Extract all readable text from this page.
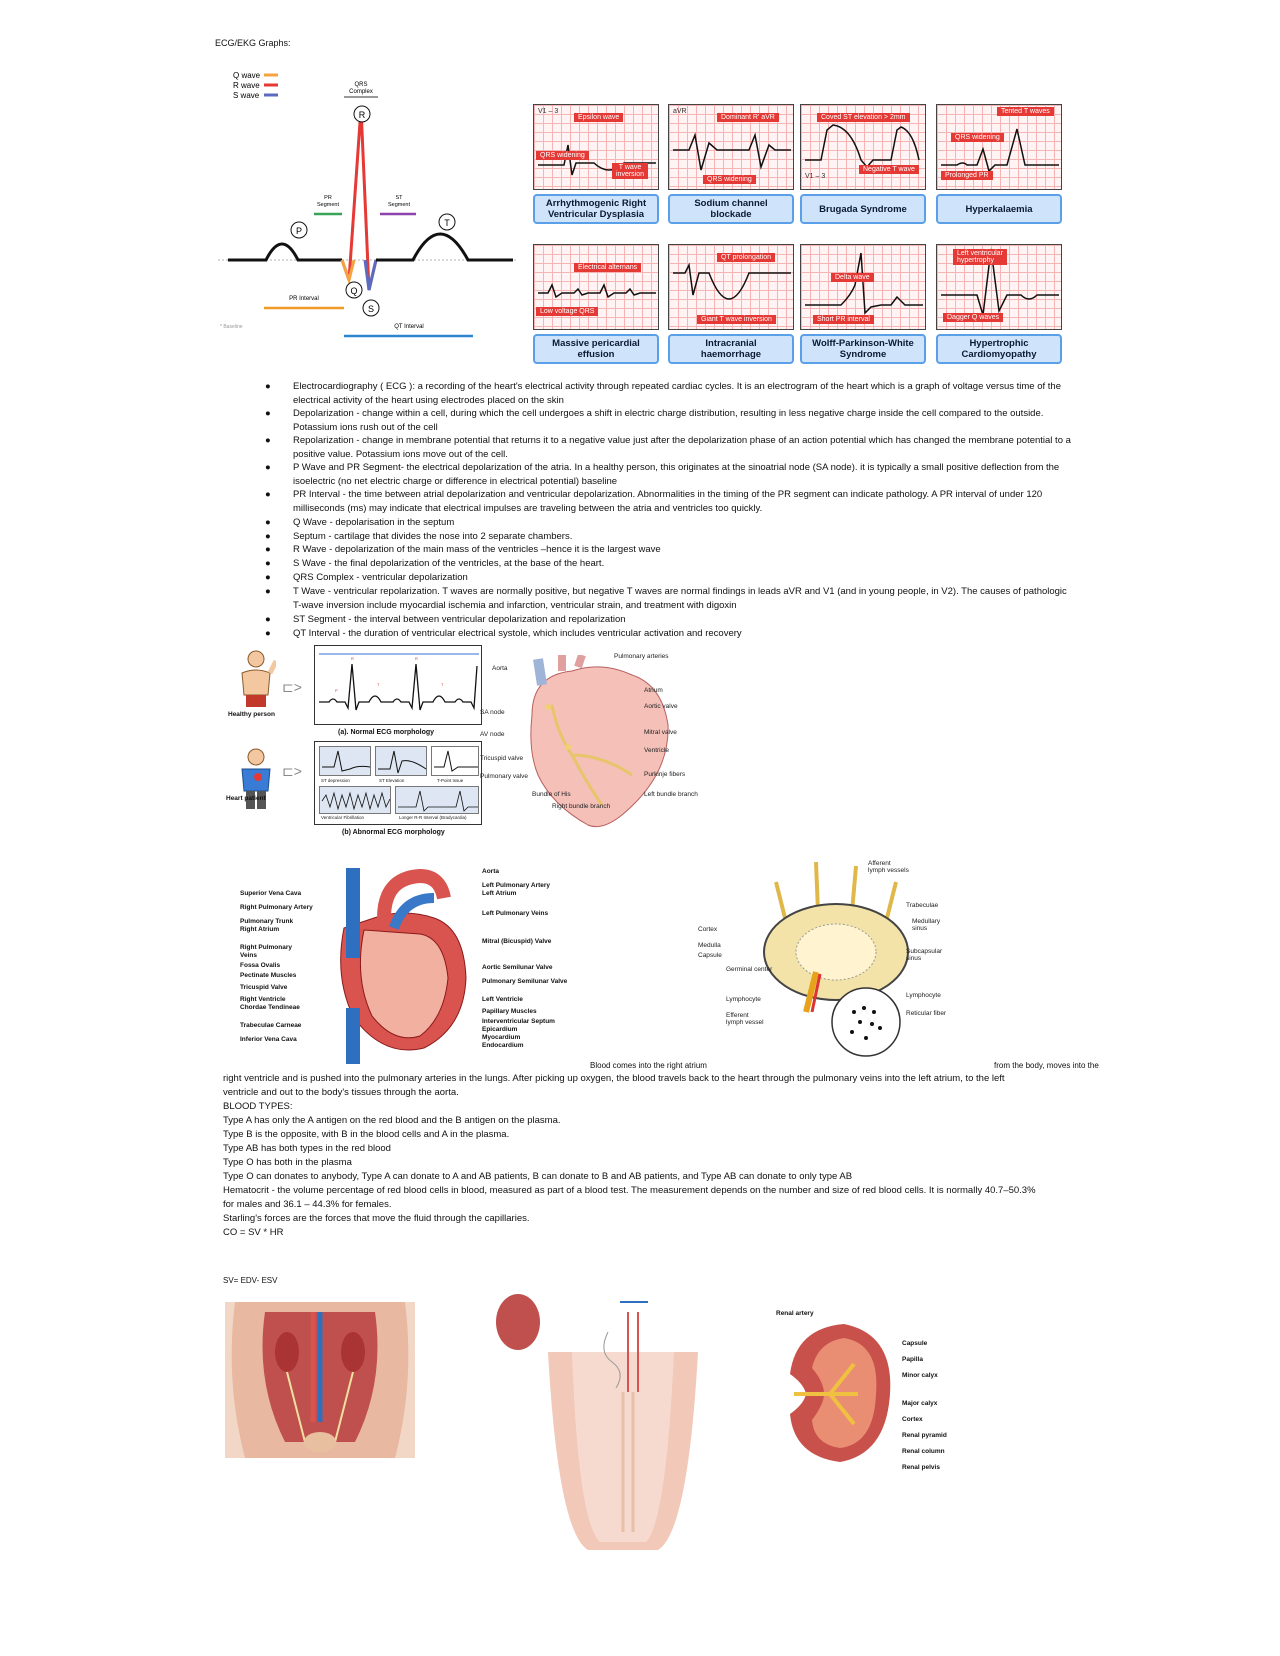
ECG/EKG Graphs:
Q wave
R wave
S wave
QRS
Complex
P
R
Q
S
T
PR
Segment
ST
Segment
PR Interval
QT Interval
* Baseline
V1 – 3
Epsilon wave
QRS widening
T wave
inversion
Arrhythmogenic Right
Ventricular Dysplasia
aVR
Dominant R' aVR
QRS widening
Sodium channel
blockade
V1 – 3
Coved ST elevation > 2mm
Negative T wave
Brugada Syndrome
Tented T waves
QRS widening
Prolonged PR
Hyperkalaemia
Electrical alternans
Low voltage QRS
Massive pericardial
effusion
QT prolongation
Giant T wave inversion
Intracranial
haemorrhage
Delta wave
Short PR interval
Wolff-Parkinson-White
Syndrome
Left ventricular
hypertrophy
Dagger Q waves
Hypertrophic
Cardiomyopathy
● Electrocardiography ( ECG ): a recording of the heart's electrical activity through repeated cardiac cycles. It is an electrogram of the heart which is a graph of voltage versus time of the electrical activity of the heart using electrodes placed on the skin
● Depolarization - change within a cell, during which the cell undergoes a shift in electric charge distribution, resulting in less negative charge inside the cell compared to the outside. Potassium ions rush out of the cell
● Repolarization - change in membrane potential that returns it to a negative value just after the depolarization phase of an action potential which has changed the membrane potential to a positive value. Potassium ions move out of the cell.
● P Wave and PR Segment- the electrical depolarization of the atria. In a healthy person, this originates at the sinoatrial node (SA node). it is typically a small positive deflection from the isoelectric (no net electric charge or difference in electrical potential) baseline
● PR Interval - the time between atrial depolarization and ventricular depolarization. Abnormalities in the timing of the PR segment can indicate pathology. A PR interval of under 120 milliseconds (ms) may indicate that electrical impulses are traveling between the atria and ventricles too quickly.
● Q Wave - depolarisation in the septum
● Septum - cartilage that divides the nose into 2 separate chambers.
● R Wave - depolarization of the main mass of the ventricles –hence it is the largest wave
● S Wave - the final depolarization of the ventricles, at the base of the heart.
● QRS Complex - ventricular depolarization
● T Wave - ventricular repolarization. T waves are normally positive, but negative T waves are normal findings in leads aVR and V1 (and in young people, in V2). The causes of pathologic T-wave inversion include myocardial ischemia and infarction, ventricular strain, and treatment with digoxin
● ST Segment - the interval between ventricular depolarization and repolarization
● QT Interval - the duration of ventricular electrical systole, which includes ventricular activation and recovery
Healthy person
⊏>	P
R
T
R
T
(a). Normal ECG morphology
Heart patient
⊏>
ST depression	ST Elevation	T-Point Issue
Ventricular Fibrillation	Longer R-R Interval (Bradycardia)
(b) Abnormal ECG morphology
Pulmonary arteries
Aorta
Atrium
SA node
Aortic valve
AV node	Mitral valve
Ventricle
Tricuspid valve
Purkinje fibers
Pulmonary valve
Bundle of His	Left bundle branch
Right bundle branch
Superior Vena Cava
Right Pulmonary Artery
Pulmonary Trunk
Right Atrium
Right Pulmonary
Veins
Fossa Ovalis
Pectinate Muscles
Tricuspid Valve
Right Ventricle
Chordae Tendineae
Trabeculae Carneae
Inferior Vena Cava
Aorta
Left Pulmonary Artery
Left Atrium
Left Pulmonary Veins
Mitral (Bicuspid) Valve
Aortic Semilunar Valve
Pulmonary Semilunar Valve
Left Ventricle
Papillary Muscles
Interventricular Septum
Epicardium
Myocardium
Endocardium
Afferent
lymph vessels
Trabeculae
Medullary
sinus
Cortex
Medulla
Capsule
Subcapsular
sinus
Germinal center
Lymphocyte
Lymphocyte
Reticular fiber
Efferent
lymph vessel
Blood comes into the right atrium	from the body, moves into the
right ventricle and is pushed into the pulmonary arteries in the lungs. After picking up oxygen, the blood travels back to the heart through the pulmonary veins into the left atrium, to the left
ventricle and out to the body's tissues through the aorta.
BLOOD TYPES:
Type A has only the A antigen on the red blood and the B antigen on the plasma.
Type B is the opposite, with B in the blood cells and A in the plasma.
Type AB has both types in the red blood
Type O has both in the plasma
Type O can donates to anybody, Type A can donate to A and AB patients, B can donate to B and AB patients, and Type AB can donate to only type AB
Hematocrit - the volume percentage of red blood cells in blood, measured as part of a blood test. The measurement depends on the number and size of red blood cells. It is normally 40.7–50.3%
for males and 36.1 – 44.3% for females.
Starling's forces are the forces that move the fluid through the capillaries.
CO = SV * HR
SV= EDV- ESV
Renal artery
Capsule
Papilla
Minor calyx
Major calyx
Cortex
Renal pyramid
Renal column
Renal pelvis
